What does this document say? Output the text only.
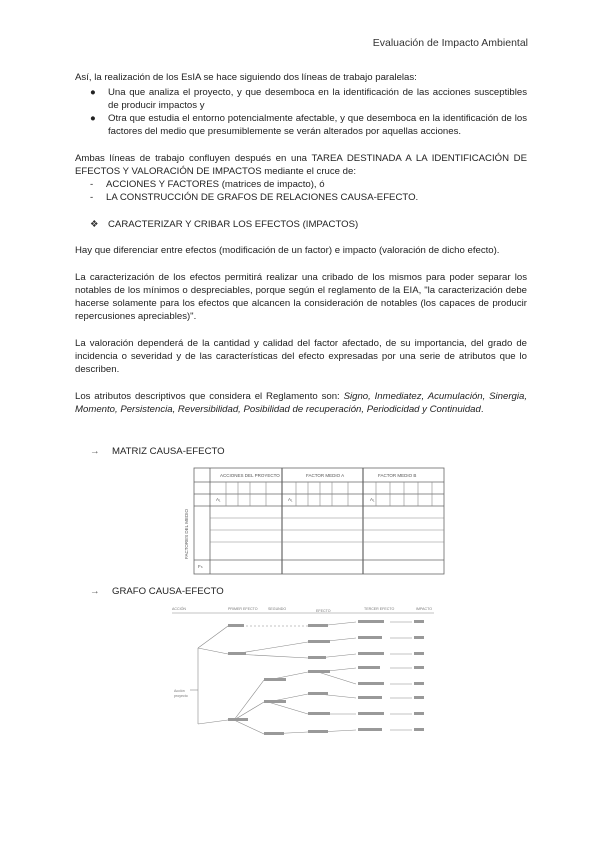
Evaluación de Impacto Ambiental
Así, la realización de los EsIA se hace siguiendo dos líneas de trabajo paralelas:
● Una que analiza el proyecto, y que desemboca en la identificación de las acciones susceptibles de producir impactos y
● Otra que estudia el entorno potencialmente afectable, y que desemboca en la identificación de los factores del medio que presumiblemente se verán alterados por aquellas acciones.
Ambas líneas de trabajo confluyen después en una TAREA DESTINADA A LA IDENTIFICACIÓN DE EFECTOS Y VALORACIÓN DE IMPACTOS mediante el cruce de:
- ACCIONES Y FACTORES (matrices de impacto), ó
- LA CONSTRUCCIÓN DE GRAFOS DE RELACIONES CAUSA-EFECTO.
❖ CARACTERIZAR Y CRIBAR LOS EFECTOS (IMPACTOS)
Hay que diferenciar entre efectos (modificación de un factor) e impacto (valoración de dicho efecto).
La caracterización de los efectos permitirá realizar una cribado de los mismos para poder separar los notables de los mínimos o despreciables, porque según el reglamento de la EIA, "la caracterización debe hacerse solamente para los efectos que alcancen la consideración de notables (los capaces de producir repercusiones apreciables)".
La valoración dependerá de la cantidad y calidad del factor afectado, de su importancia, del grado de incidencia o severidad y de las características del efecto expresadas por una serie de atributos que lo describen.
Los atributos descriptivos que considera el Reglamento son: Signo, Inmediatez, Acumulación, Sinergia, Momento, Persistencia, Reversibilidad, Posibilidad de recuperación, Periodicidad y Continuidad.
→ MATRIZ CAUSA-EFECTO
ACCIONES DEL PROYECTO	FACTOR MEDIO A	FACTOR MEDIO B
A₁	A₁	A₁
Fₙ
FACTORES DEL MEDIO
→ GRAFO CAUSA-EFECTO
ACCIÓN	PRIMER EFECTO	SEGUNDO	EFECTO	TERCER EFECTO	IMPACTO
Acción
proyecto
